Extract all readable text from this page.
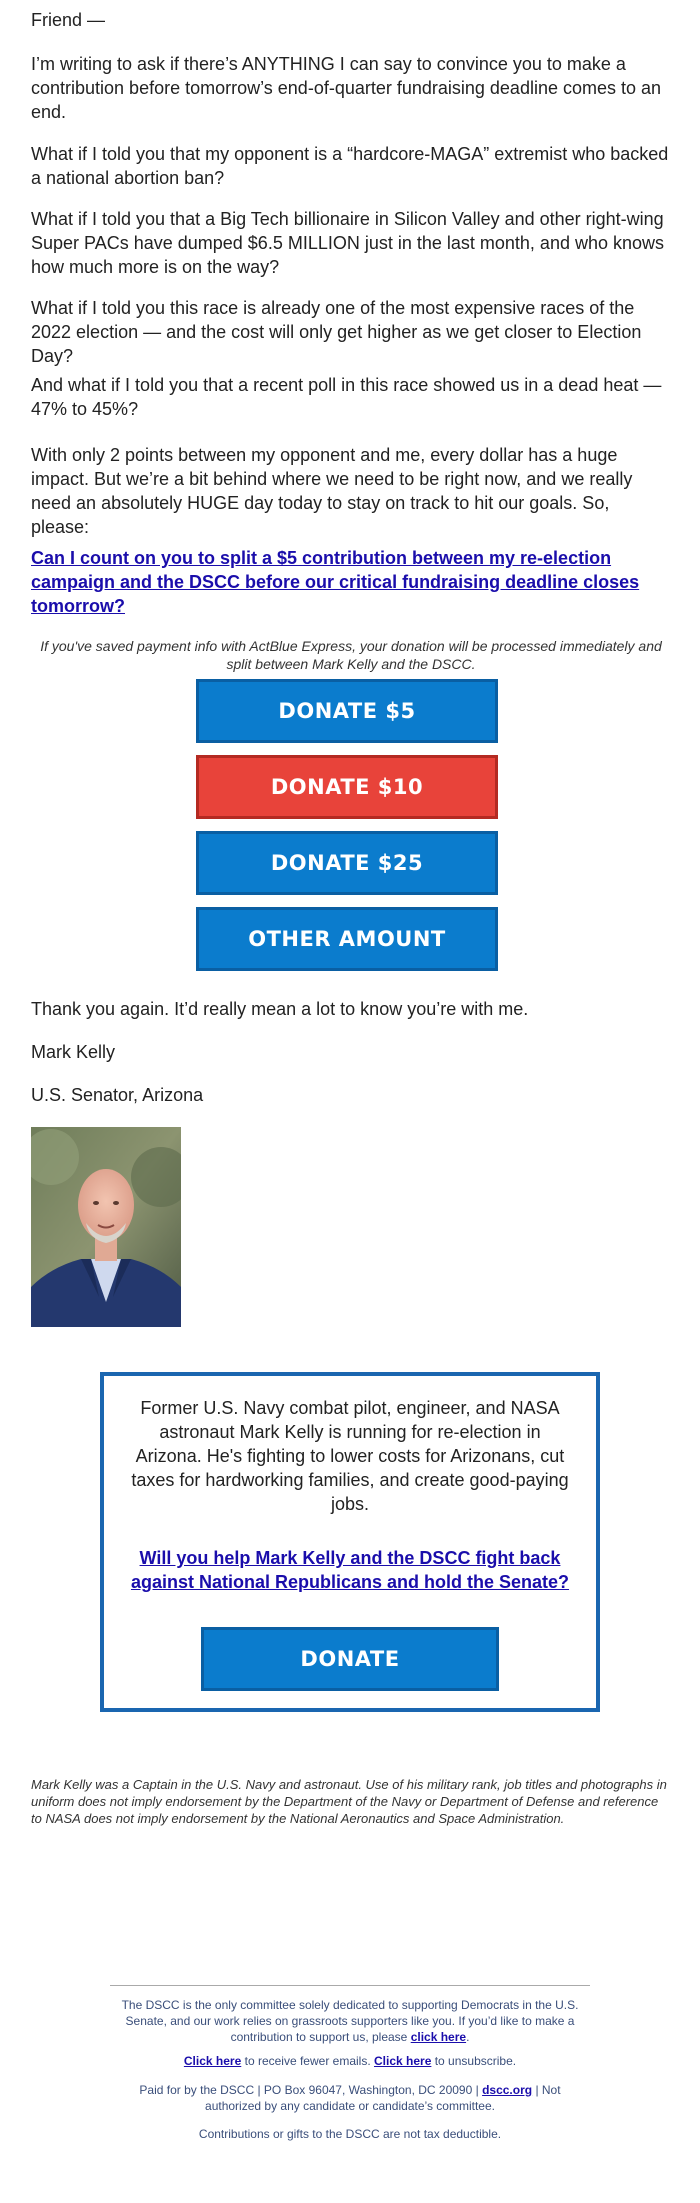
Friend —

I’m writing to ask if there’s ANYTHING I can say to convince you to make a contribution before tomorrow’s end-of-quarter fundraising deadline comes to an end.

What if I told you that my opponent is a “hardcore-MAGA” extremist who backed a national abortion ban?

What if I told you that a Big Tech billionaire in Silicon Valley and other right-wing Super PACs have dumped $6.5 MILLION just in the last month, and who knows how much more is on the way?

What if I told you this race is already one of the most expensive races of the 2022 election — and the cost will only get higher as we get closer to Election Day?

And what if I told you that a recent poll in this race showed us in a dead heat — 47% to 45%?

With only 2 points between my opponent and me, every dollar has a huge impact. But we’re a bit behind where we need to be right now, and we really need an absolutely HUGE day today to stay on track to hit our goals. So, please:

Can I count on you to split a $5 contribution between my re-election campaign and the DSCC before our critical fundraising deadline closes tomorrow?

If you've saved payment info with ActBlue Express, your donation will be processed immediately and split between Mark Kelly and the DSCC.

DONATE $5
DONATE $10
DONATE $25
OTHER AMOUNT

Thank you again. It’d really mean a lot to know you’re with me.

Mark Kelly

U.S. Senator, Arizona

Former U.S. Navy combat pilot, engineer, and NASA astronaut Mark Kelly is running for re-election in Arizona. He's fighting to lower costs for Arizonans, cut taxes for hardworking families, and create good-paying jobs.

Will you help Mark Kelly and the DSCC fight back against National Republicans and hold the Senate?

DONATE

Mark Kelly was a Captain in the U.S. Navy and astronaut. Use of his military rank, job titles and photographs in uniform does not imply endorsement by the Department of the Navy or Department of Defense and reference to NASA does not imply endorsement by the National Aeronautics and Space Administration.

The DSCC is the only committee solely dedicated to supporting Democrats in the U.S. Senate, and our work relies on grassroots supporters like you. If you’d like to make a contribution to support us, please click here.

Click here to receive fewer emails. Click here to unsubscribe.

Paid for by the DSCC | PO Box 96047, Washington, DC 20090 | dscc.org | Not authorized by any candidate or candidate’s committee.

Contributions or gifts to the DSCC are not tax deductible.
